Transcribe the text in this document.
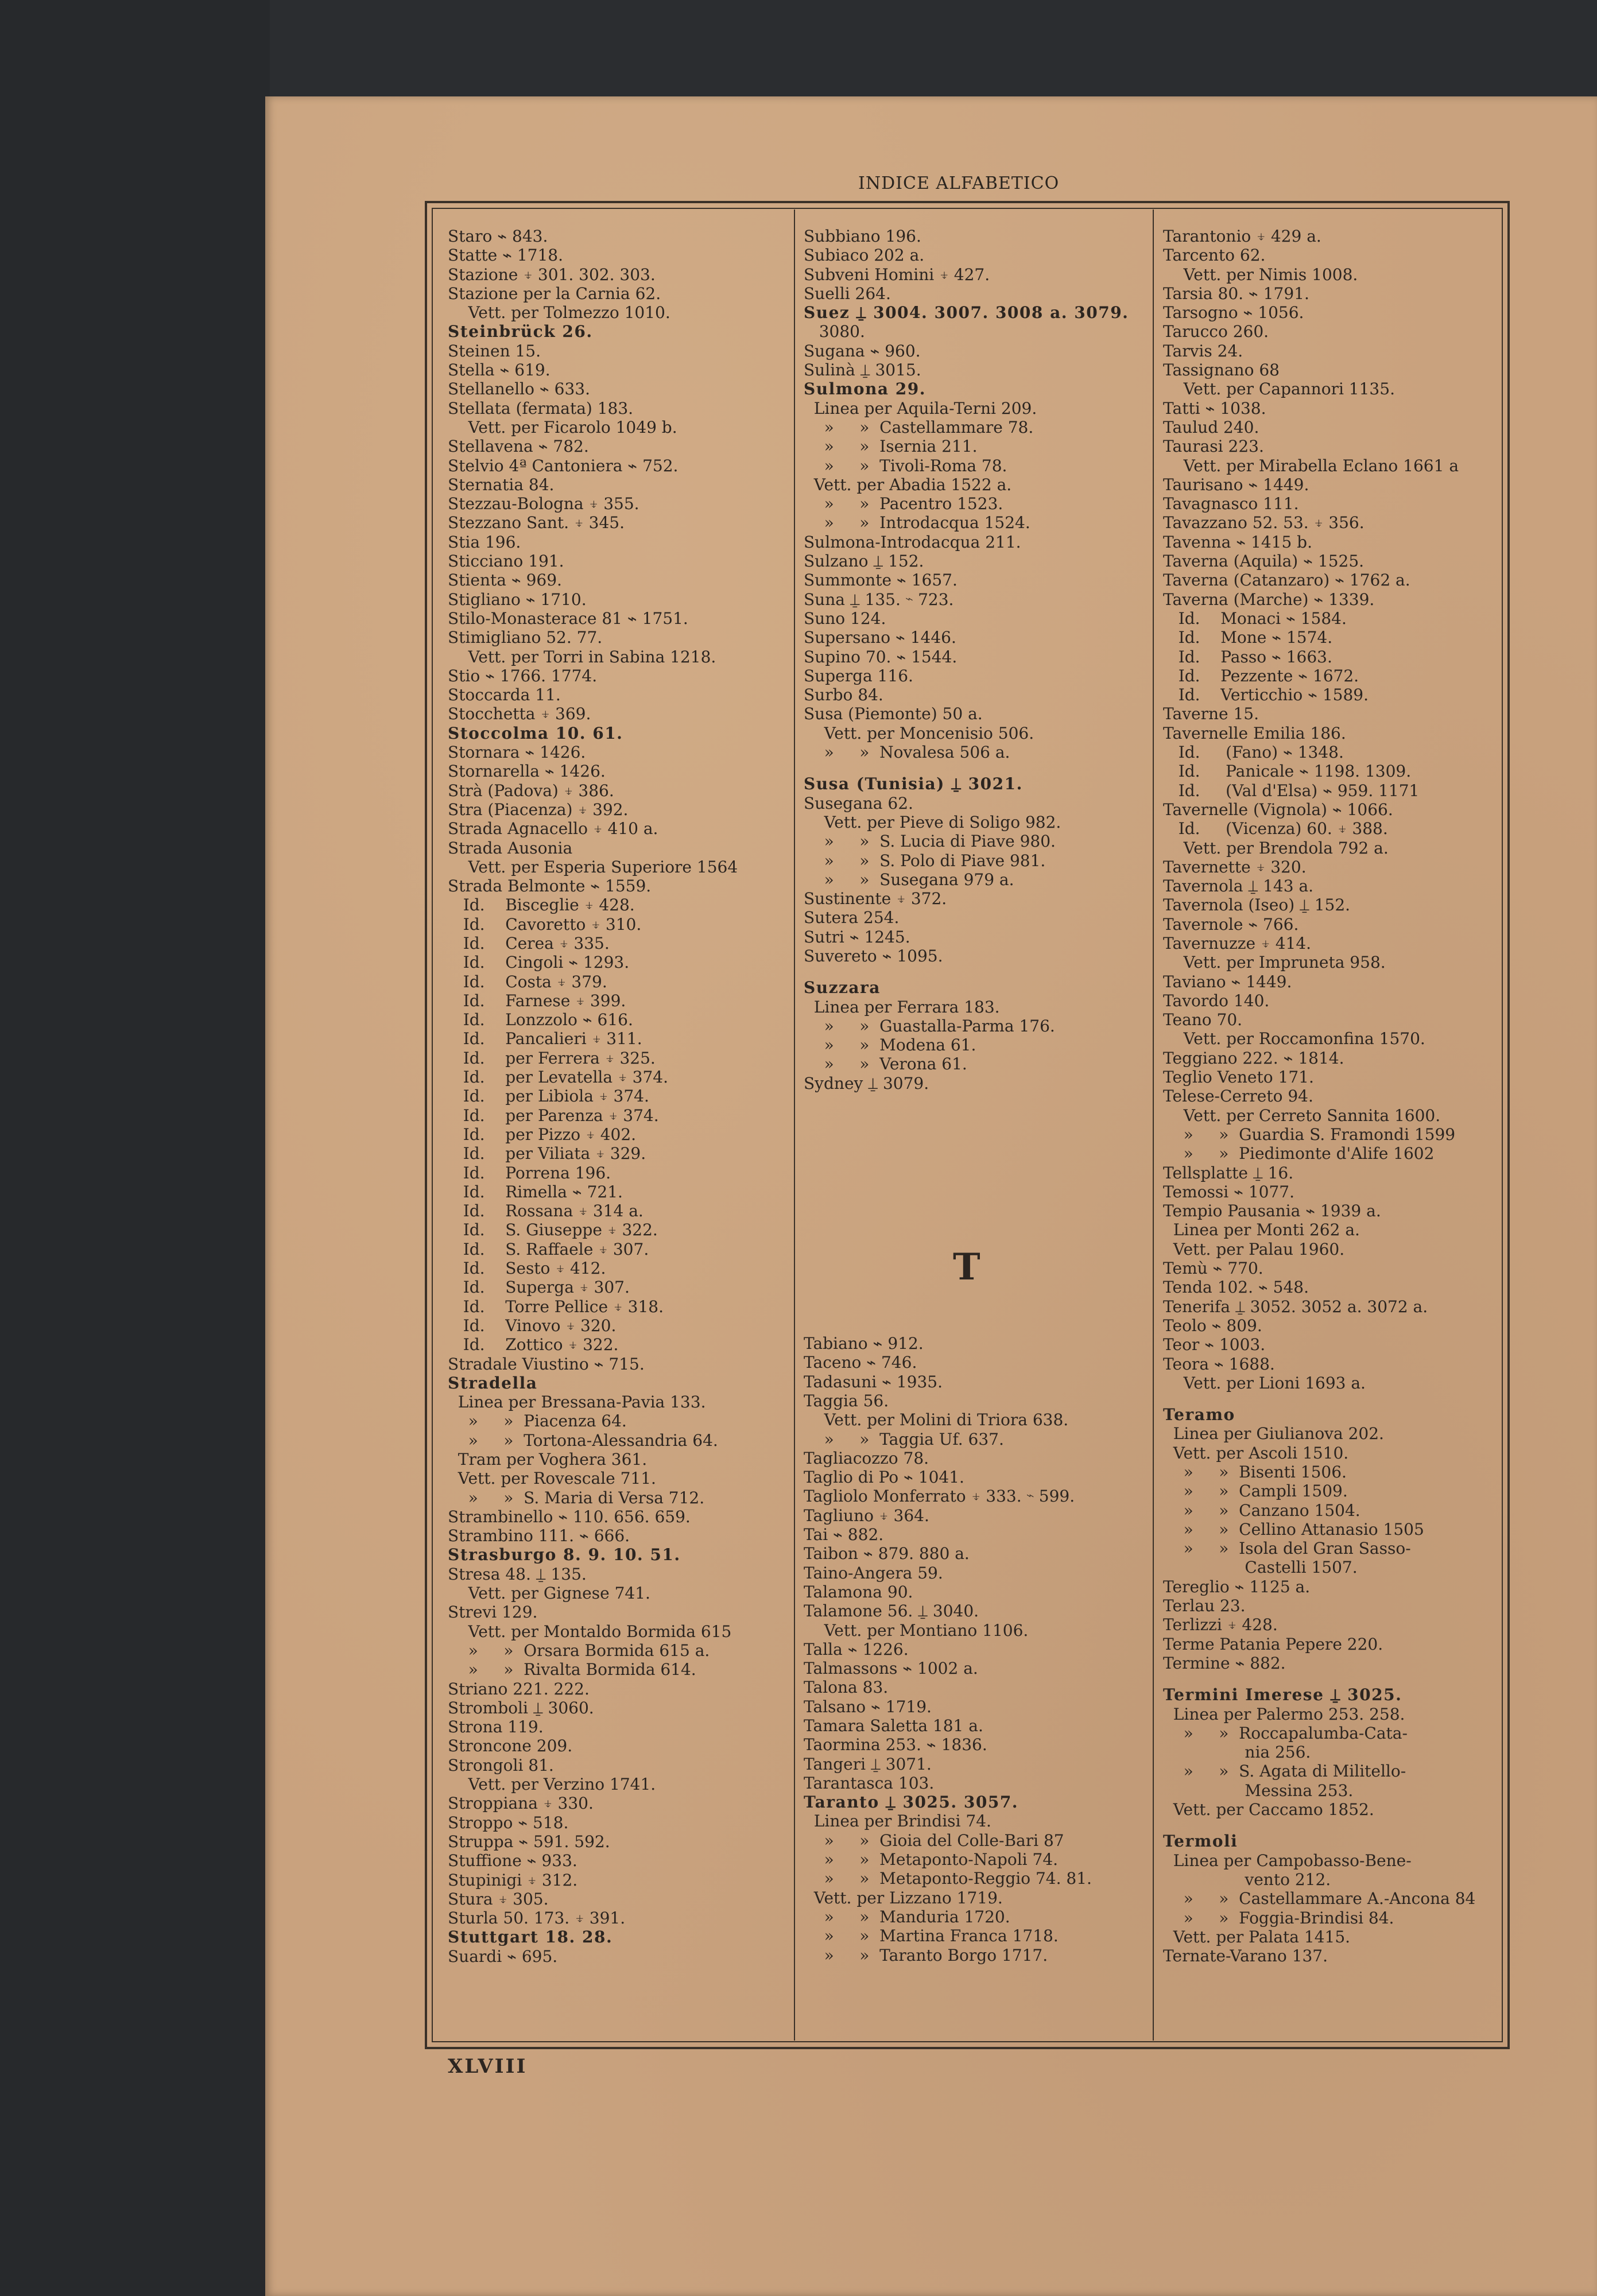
INDICE ALFABETICO
Staro ⌁ 843.
Statte ⌁ 1718.
Stazione ⍖ 301. 302. 303.
Stazione per la Carnia 62.
Vett. per Tolmezzo 1010.
Steinbrück 26.
Steinen 15.
Stella ⌁ 619.
Stellanello ⌁ 633.
Stellata (fermata) 183.
Vett. per Ficarolo 1049 b.
Stellavena ⌁ 782.
Stelvio 4ª Cantoniera ⌁ 752.
Sternatia 84.
Stezzau-Bologna ⍖ 355.
Stezzano Sant. ⍖ 345.
Stia 196.
Sticciano 191.
Stienta ⌁ 969.
Stigliano ⌁ 1710.
Stilo-Monasterace 81 ⌁ 1751.
Stimigliano 52. 77.
Vett. per Torri in Sabina 1218.
Stio ⌁ 1766. 1774.
Stoccarda 11.
Stocchetta ⍖ 369.
Stoccolma 10. 61.
Stornara ⌁ 1426.
Stornarella ⌁ 1426.
Strà (Padova) ⍖ 386.
Stra (Piacenza) ⍖ 392.
Strada Agnacello ⍖ 410 a.
Strada Ausonia
Vett. per Esperia Superiore 1564
Strada Belmonte ⌁ 1559.
Id.    Bisceglie ⍖ 428.
Id.    Cavoretto ⍖ 310.
Id.    Cerea ⍖ 335.
Id.    Cingoli ⌁ 1293.
Id.    Costa ⍖ 379.
Id.    Farnese ⍖ 399.
Id.    Lonzzolo ⌁ 616.
Id.    Pancalieri ⍖ 311.
Id.    per Ferrera ⍖ 325.
Id.    per Levatella ⍖ 374.
Id.    per Libiola ⍖ 374.
Id.    per Parenza ⍖ 374.
Id.    per Pizzo ⍖ 402.
Id.    per Viliata ⍖ 329.
Id.    Porrena 196.
Id.    Rimella ⌁ 721.
Id.    Rossana ⍖ 314 a.
Id.    S. Giuseppe ⍖ 322.
Id.    S. Raffaele ⍖ 307.
Id.    Sesto ⍖ 412.
Id.    Superga ⍖ 307.
Id.    Torre Pellice ⍖ 318.
Id.    Vinovo ⍖ 320.
Id.    Zottico ⍖ 322.
Stradale Viustino ⌁ 715.
Stradella
Linea per Bressana-Pavia 133.
»     »  Piacenza 64.
»     »  Tortona-Alessandria 64.
Tram per Voghera 361.
Vett. per Rovescale 711.
»     »  S. Maria di Versa 712.
Strambinello ⌁ 110. 656. 659.
Strambino 111. ⌁ 666.
Strasburgo 8. 9. 10. 51.
Stresa 48. ⍊ 135.
Vett. per Gignese 741.
Strevi 129.
Vett. per Montaldo Bormida 615
»     »  Orsara Bormida 615 a.
»     »  Rivalta Bormida 614.
Striano 221. 222.
Stromboli ⍊ 3060.
Strona 119.
Stroncone 209.
Strongoli 81.
Vett. per Verzino 1741.
Stroppiana ⍖ 330.
Stroppo ⌁ 518.
Struppa ⌁ 591. 592.
Stuffione ⌁ 933.
Stupinigi ⍖ 312.
Stura ⍖ 305.
Sturla 50. 173. ⍖ 391.
Stuttgart 18. 28.
Suardi ⌁ 695.
Subbiano 196.
Subiaco 202 a.
Subveni Homini ⍖ 427.
Suelli 264.
Suez ⍊ 3004. 3007. 3008 a. 3079.
3080.
Sugana ⌁ 960.
Sulinà ⍊ 3015.
Sulmona 29.
Linea per Aquila-Terni 209.
»     »  Castellammare 78.
»     »  Isernia 211.
»     »  Tivoli-Roma 78.
Vett. per Abadia 1522 a.
»     »  Pacentro 1523.
»     »  Introdacqua 1524.
Sulmona-Introdacqua 211.
Sulzano ⍊ 152.
Summonte ⌁ 1657.
Suna ⍊ 135. ⌁ 723.
Suno 124.
Supersano ⌁ 1446.
Supino 70. ⌁ 1544.
Superga 116.
Surbo 84.
Susa (Piemonte) 50 a.
Vett. per Moncenisio 506.
»     »  Novalesa 506 a.
Susa (Tunisia) ⍊ 3021.
Susegana 62.
Vett. per Pieve di Soligo 982.
»     »  S. Lucia di Piave 980.
»     »  S. Polo di Piave 981.
»     »  Susegana 979 a.
Sustinente ⍖ 372.
Sutera 254.
Sutri ⌁ 1245.
Suvereto ⌁ 1095.
Suzzara
Linea per Ferrara 183.
»     »  Guastalla-Parma 176.
»     »  Modena 61.
»     »  Verona 61.
Sydney ⍊ 3079.
Tabiano ⌁ 912.
Taceno ⌁ 746.
Tadasuni ⌁ 1935.
Taggia 56.
Vett. per Molini di Triora 638.
»     »  Taggia Uf. 637.
Tagliacozzo 78.
Taglio di Po ⌁ 1041.
Tagliolo Monferrato ⍖ 333. ⌁ 599.
Tagliuno ⍖ 364.
Tai ⌁ 882.
Taibon ⌁ 879. 880 a.
Taino-Angera 59.
Talamona 90.
Talamone 56. ⍊ 3040.
Vett. per Montiano 1106.
Talla ⌁ 1226.
Talmassons ⌁ 1002 a.
Talona 83.
Talsano ⌁ 1719.
Tamara Saletta 181 a.
Taormina 253. ⌁ 1836.
Tangeri ⍊ 3071.
Tarantasca 103.
Taranto ⍊ 3025. 3057.
Linea per Brindisi 74.
»     »  Gioia del Colle-Bari 87
»     »  Metaponto-Napoli 74.
»     »  Metaponto-Reggio 74. 81.
Vett. per Lizzano 1719.
»     »  Manduria 1720.
»     »  Martina Franca 1718.
»     »  Taranto Borgo 1717.
Tarantonio ⍖ 429 a.
Tarcento 62.
Vett. per Nimis 1008.
Tarsia 80. ⌁ 1791.
Tarsogno ⌁ 1056.
Tarucco 260.
Tarvis 24.
Tassignano 68
Vett. per Capannori 1135.
Tatti ⌁ 1038.
Taulud 240.
Taurasi 223.
Vett. per Mirabella Eclano 1661 a
Taurisano ⌁ 1449.
Tavagnasco 111.
Tavazzano 52. 53. ⍖ 356.
Tavenna ⌁ 1415 b.
Taverna (Aquila) ⌁ 1525.
Taverna (Catanzaro) ⌁ 1762 a.
Taverna (Marche) ⌁ 1339.
Id.    Monaci ⌁ 1584.
Id.    Mone ⌁ 1574.
Id.    Passo ⌁ 1663.
Id.    Pezzente ⌁ 1672.
Id.    Verticchio ⌁ 1589.
Taverne 15.
Tavernelle Emilia 186.
Id.     (Fano) ⌁ 1348.
Id.     Panicale ⌁ 1198. 1309.
Id.     (Val d'Elsa) ⌁ 959. 1171
Tavernelle (Vignola) ⌁ 1066.
Id.     (Vicenza) 60. ⍖ 388.
Vett. per Brendola 792 a.
Tavernette ⍖ 320.
Tavernola ⍊ 143 a.
Tavernola (Iseo) ⍊ 152.
Tavernole ⌁ 766.
Tavernuzze ⍖ 414.
Vett. per Impruneta 958.
Taviano ⌁ 1449.
Tavordo 140.
Teano 70.
Vett. per Roccamonfina 1570.
Teggiano 222. ⌁ 1814.
Teglio Veneto 171.
Telese-Cerreto 94.
Vett. per Cerreto Sannita 1600.
»     »  Guardia S. Framondi 1599
»     »  Piedimonte d'Alife 1602
Tellsplatte ⍊ 16.
Temossi ⌁ 1077.
Tempio Pausania ⌁ 1939 a.
Linea per Monti 262 a.
Vett. per Palau 1960.
Temù ⌁ 770.
Tenda 102. ⌁ 548.
Tenerifa ⍊ 3052. 3052 a. 3072 a.
Teolo ⌁ 809.
Teor ⌁ 1003.
Teora ⌁ 1688.
Vett. per Lioni 1693 a.
Teramo
Linea per Giulianova 202.
Vett. per Ascoli 1510.
»     »  Bisenti 1506.
»     »  Campli 1509.
»     »  Canzano 1504.
»     »  Cellino Attanasio 1505
»     »  Isola del Gran Sasso-
Castelli 1507.
Tereglio ⌁ 1125 a.
Terlau 23.
Terlizzi ⍖ 428.
Terme Patania Pepere 220.
Termine ⌁ 882.
Termini Imerese ⍊ 3025.
Linea per Palermo 253. 258.
»     »  Roccapalumba-Cata-
nia 256.
»     »  S. Agata di Militello-
Messina 253.
Vett. per Caccamo 1852.
Termoli
Linea per Campobasso-Bene-
vento 212.
»     »  Castellammare A.-Ancona 84
»     »  Foggia-Brindisi 84.
Vett. per Palata 1415.
Ternate-Varano 137.
T
XLVIII
